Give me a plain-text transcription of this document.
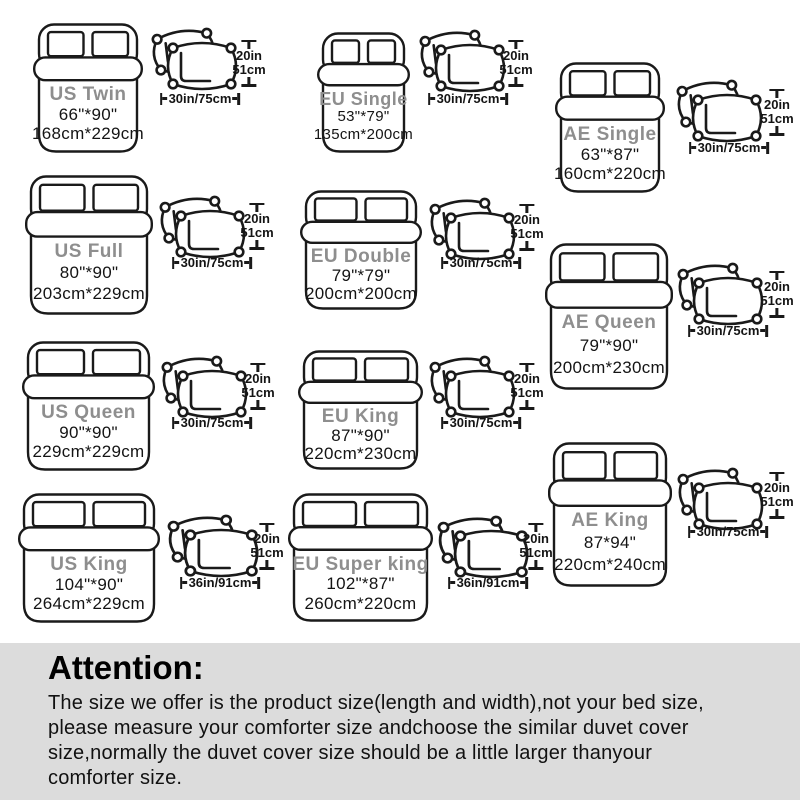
Attention:
The size we offer is the product size(length and width),not your bed size,
please measure your comforter size andchoose the similar duvet cover
size,normally the duvet cover size should be a little larger thanyour
comforter size.
US Twin
66"*90"
168cm*229cm
20in
51cm
30in/75cm	EU Single
53"*79"
135cm*200cm
20in
51cm
30in/75cm
AE Single
63"*87"
160cm*220cm
20in
51cm
30in/75cm
US Full
80"*90"
203cm*229cm
20in
51cm
30in/75cm	EU Double
79"*79"
200cm*200cm
20in
51cm
30in/75cm
AE Queen
79"*90"
200cm*230cm
20in
51cm
30in/75cm
US Queen
90"*90"
229cm*229cm
20in
51cm
30in/75cm	EU King
87"*90"
220cm*230cm
20in
51cm
30in/75cm
AE King
87*94"
220cm*240cm
20in
51cm
30in/75cm
US King
104"*90"
264cm*229cm
20in
51cm
36in/91cm
EU Super king
102"*87"
260cm*220cm
20in
51cm
36in/91cm
